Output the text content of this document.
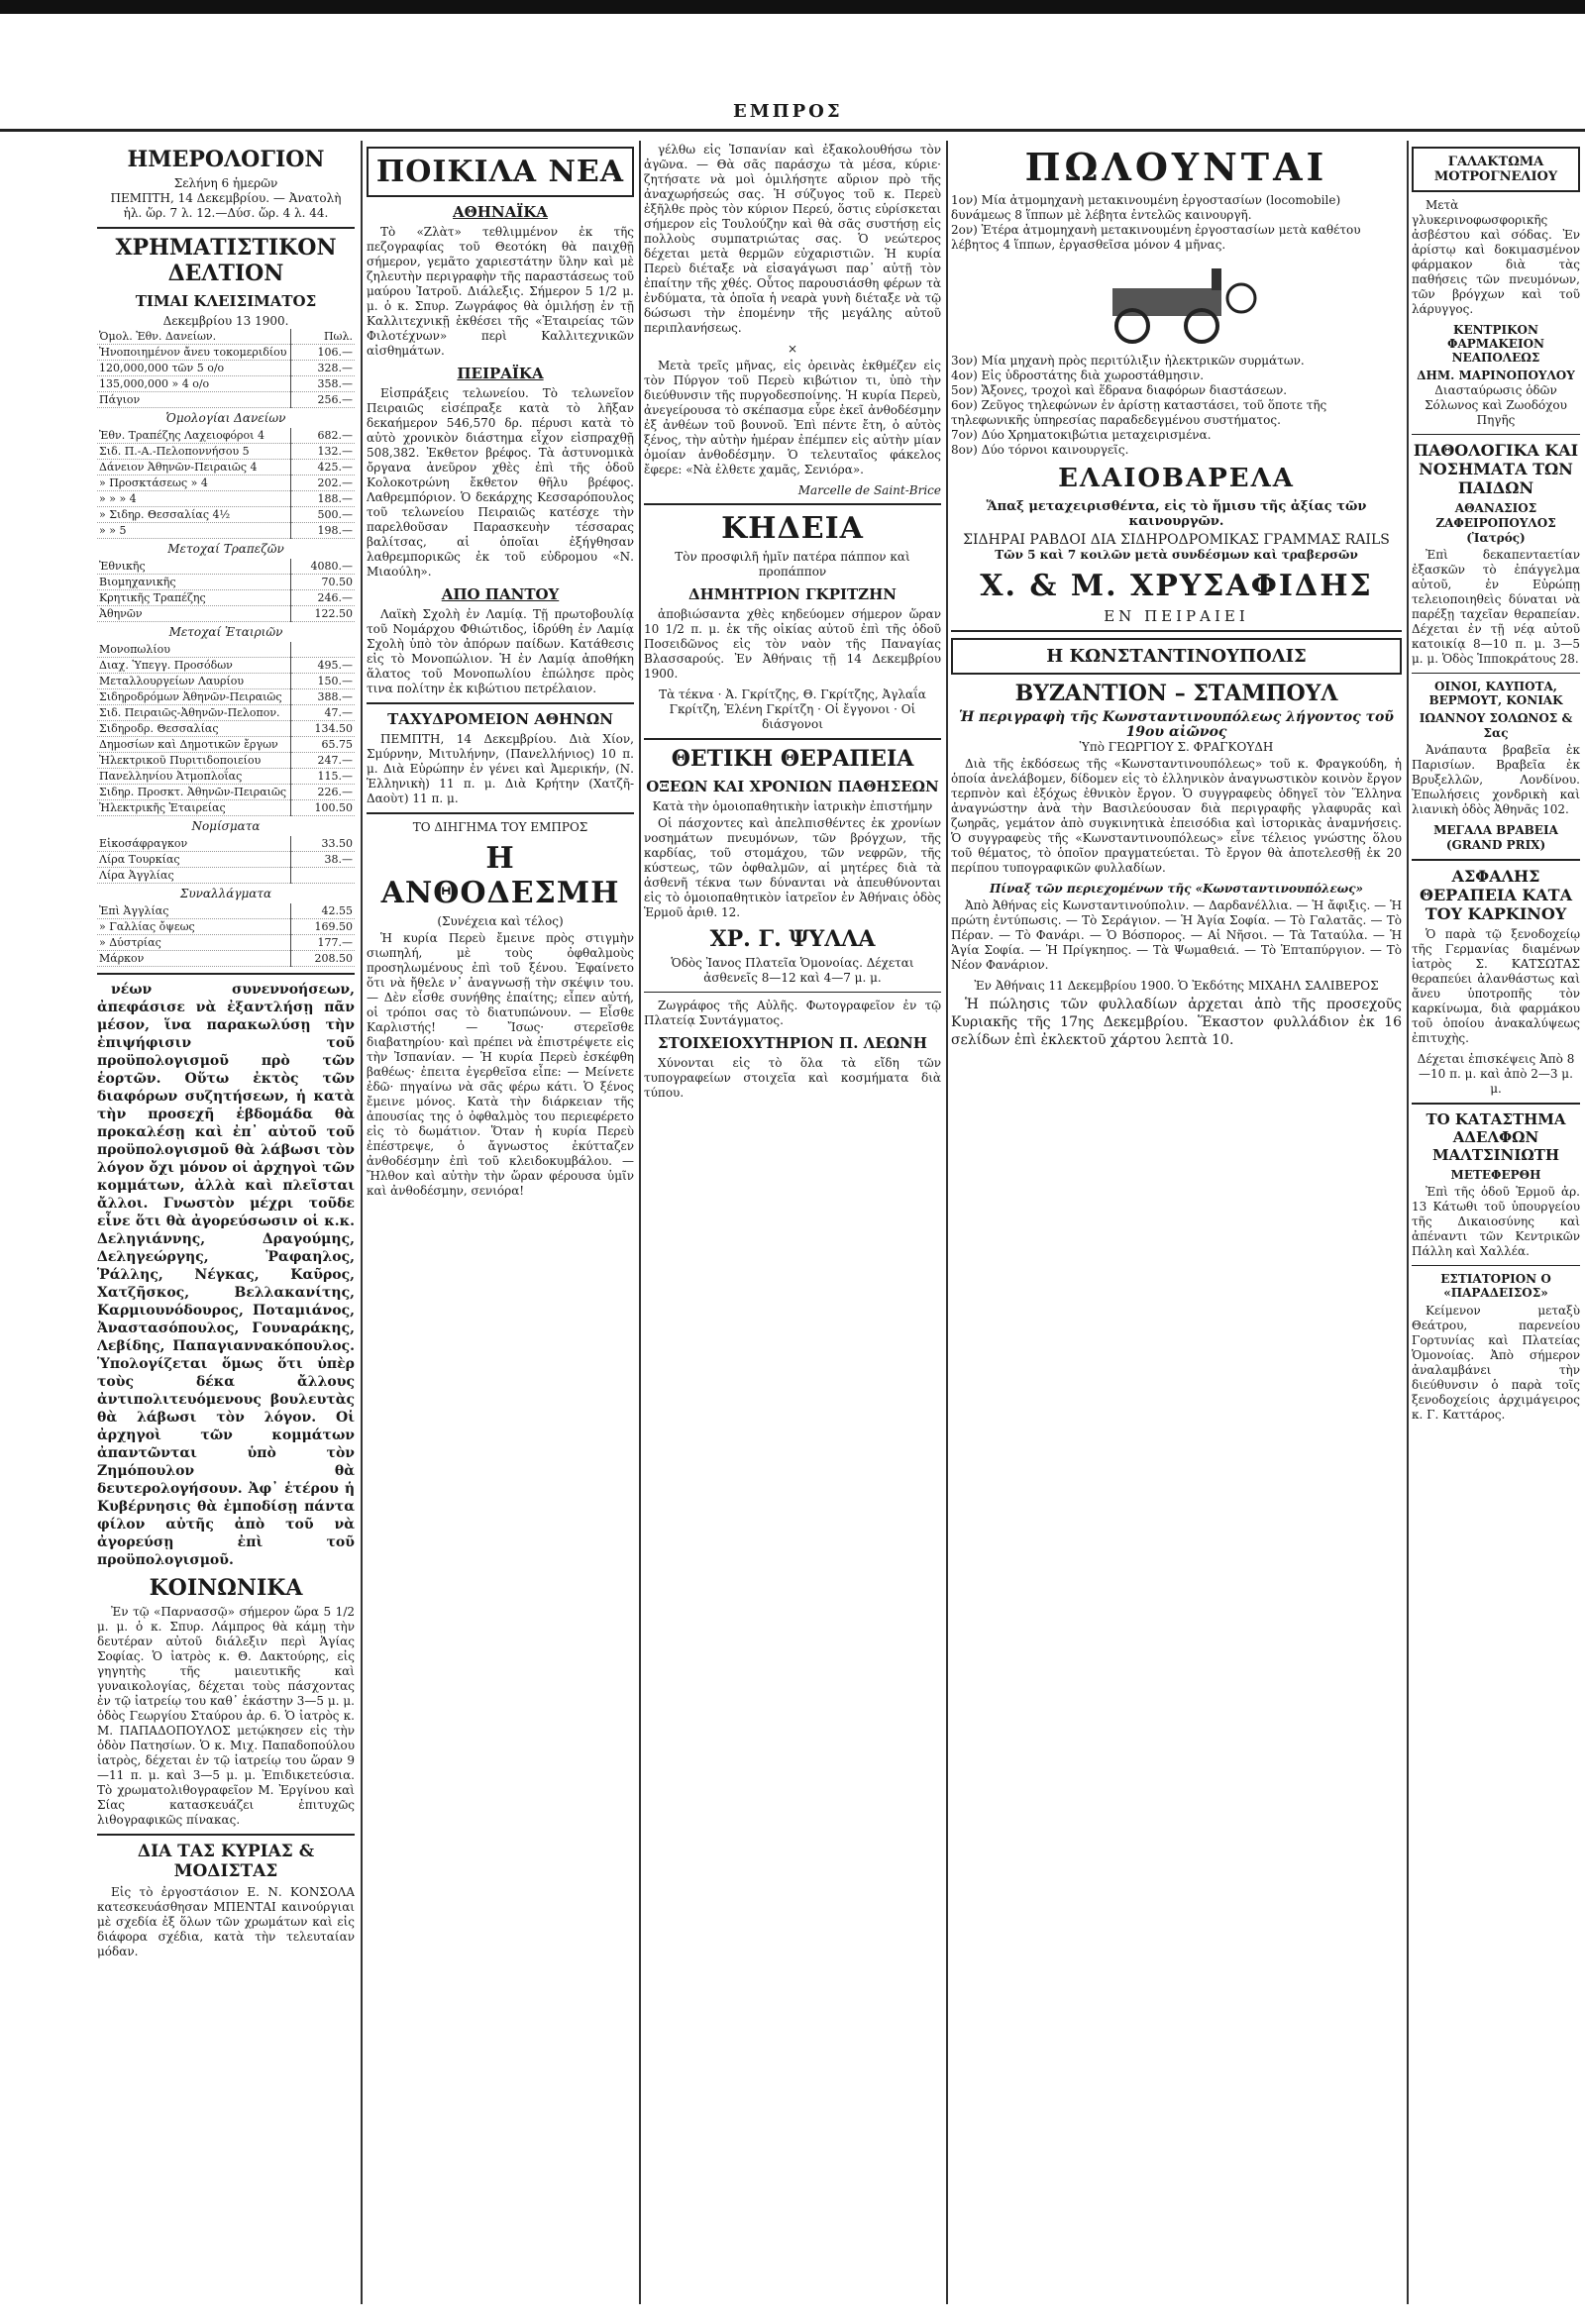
ΕΜΠΡΟΣ
ΗΜΕΡΟΛΟΓΙΟΝ
Σελήνη 6 ἡμερῶν
ΠΕΜΠΤΗ, 14 Δεκεμβρίου. — Ἀνατολὴ
ἡλ. ὥρ. 7 λ. 12.—Δύσ. ὥρ. 4 λ. 44.
ΧΡΗΜΑΤΙΣΤΙΚΟΝ ΔΕΛΤΙΟΝ
ΤΙΜΑΙ ΚΛΕΙΣΙΜΑΤΟΣ
Δεκεμβρίου 13 1900.
Ὁμολ. Ἐθν. Δανείων.	Πωλ.
Ἠνοποιημένον ἄνευ τοκομεριδίου	106.—
120,000,000 τῶν 5 ο/ο	328.—
135,000,000 » 4 ο/ο	358.—
Πάγιον	256.—
Ὁμολογίαι Δανείων
Ἐθν. Τραπέζης Λαχειοφόροι 4	682.—
Σιδ. Π.-Α.-Πελοποννήσου 5	132.—
Δάνειον Ἀθηνῶν-Πειραιῶς 4	425.—
» Προσκτάσεως » 4	202.—
» » » 4	188.—
» Σιδηρ. Θεσσαλίας 4½	500.—
» » 5	198.—
Μετοχαί Τραπεζῶν
Ἐθνικῆς	4080.—
Βιομηχανικῆς	70.50
Κρητικῆς Τραπέζης	246.—
Ἀθηνῶν	122.50
Μετοχαί Ἑταιριῶν
Μονοπωλίου	
Διαχ. Ὑπεγγ. Προσόδων	495.—
Μεταλλουργείων Λαυρίου	150.—
Σιδηροδρόμων Ἀθηνῶν-Πειραιῶς	388.—
Σιδ. Πειραιῶς-Ἀθηνῶν-Πελοπον.	47.—
Σιδηροδρ. Θεσσαλίας	134.50
Δημοσίων καὶ Δημοτικῶν ἔργων	65.75
Ἠλεκτρικοῦ Πυριτιδοποιείου	247.—
Πανελληνίου Ἀτμοπλοΐας	115.—
Σιδηρ. Προσκτ. Ἀθηνῶν-Πειραιῶς	226.—
Ἠλεκτρικῆς Ἑταιρείας	100.50
Νομίσματα
Εἰκοσάφραγκον	33.50
Λίρα Τουρκίας	38.—
Λίρα Ἀγγλίας	
Συναλλάγματα
Ἐπὶ Ἀγγλίας	42.55
» Γαλλίας ὄψεως	169.50
» Δύστρίας	177.—
Μάρκον	208.50

νέων συνεννοήσεων, ἀπεφάσισε νὰ ἐξαντλήσῃ πᾶν μέσον, ἵνα παρακωλύσῃ τὴν ἐπιψήφισιν τοῦ προϋπολογισμοῦ πρὸ τῶν ἑορτῶν. Οὕτω ἐκτὸς τῶν διαφόρων συζητήσεων, ἡ κατὰ τὴν προσεχῆ ἑβδομάδα θὰ προκαλέσῃ καὶ ἐπ᾿ αὐτοῦ τοῦ προϋπολογισμοῦ θὰ λάβωσι τὸν λόγον ὄχι μόνον οἱ ἀρχηγοὶ τῶν κομμάτων, ἀλλὰ καὶ πλεῖσται ἄλλοι. Γνωστὸν μέχρι τοῦδε εἶνε ὅτι θὰ ἀγορεύσωσιν οἱ κ.κ. Δεληγιάννης, Δραγούμης, Δεληγεώργης, Ῥαφαηλος, Ῥάλλης, Νέγκας, Καῦρος, Χατζῆσκος, Βελλακανίτης, Καρμιουνόδουρος, Ποταμιάνος, Ἀναστασόπουλος, Γουναράκης, Λεβίδης, Παπαγιαννακόπουλος. Ὑπολογίζεται ὅμως ὅτι ὑπὲρ τοὺς δέκα ἄλλους ἀντιπολιτευόμενους βουλευτὰς θὰ λάβωσι τὸν λόγον. Οἱ ἀρχηγοὶ τῶν κομμάτων ἀπαντῶνται ὑπὸ τὸν Ζημόπουλον θὰ δευτερολογήσουν. Ἀφ᾿ ἑτέρου ἡ Κυβέρνησις θὰ ἐμποδίσῃ πάντα φίλον αὐτῆς ἀπὸ τοῦ νὰ ἀγορεύσῃ ἐπὶ τοῦ προϋπολογισμοῦ.

ΚΟΙΝΩΝΙΚΑ

Ἐν τῷ «Παρνασσῷ» σήμερον ὥρα 5 1/2 μ. μ. ὁ κ. Σπυρ. Λάμπρος θὰ κάμῃ τὴν δευτέραν αὐτοῦ διάλεξιν περὶ Ἁγίας Σοφίας. Ὁ ἰατρὸς κ. Θ. Δακτούρης, εἰς γηγητὴς τῆς μαιευτικῆς καὶ γυναικολογίας, δέχεται τοὺς πάσχοντας ἐν τῷ ἰατρείῳ του καθ᾿ ἑκάστην 3—5 μ. μ. ὁδὸς Γεωργίου Σταύρου ἀρ. 6. Ὁ ἰατρὸς κ. Μ. ΠΑΠΑΔΟΠΟΥΛΟΣ μετῴκησεν εἰς τὴν ὁδὸν Πατησίων. Ὁ κ. Μιχ. Παπαδοπούλου ἰατρὸς, δέχεται ἐν τῷ ἰατρείῳ του ὥραν 9—11 π. μ. καὶ 3—5 μ. μ. Ἐπιδικετεύσια. Τὸ χρωματολιθογραφεῖον Μ. Ἐργίνου καὶ Σίας κατασκευάζει ἐπιτυχῶς λιθογραφικῶς πίνακας.

ΔΙΑ ΤΑΣ ΚΥΡΙΑΣ & ΜΟΔΙΣΤΑΣ

Εἰς τὸ ἐργοστάσιον Ε. Ν. ΚΟΝΣΟΛΑ κατεσκευάσθησαν ΜΠΕΝΤΑΙ καινούργιαι μὲ σχεδία ἐξ ὅλων τῶν χρωμάτων καὶ εἰς διάφορα σχέδια, κατὰ τὴν τελευταίαν μόδαν.

ΠΟΙΚΙΛΑ ΝΕΑ
ΑΘΗΝΑΪΚΑ

Τὸ «Ζλὰτ» τεθλιμμένον ἐκ τῆς πεζογραφίας τοῦ Θεοτόκη θὰ παιχθῇ σήμερον, γεμᾶτο χαριεστάτην ὕλην καὶ μὲ ζηλευτὴν περιγραφὴν τῆς παραστάσεως τοῦ μαύρου Ἰατροῦ. Διάλεξις. Σήμερον 5 1/2 μ. μ. ὁ κ. Σπυρ. Ζωγράφος θὰ ὁμιλήσῃ ἐν τῇ Καλλιτεχνικῇ ἐκθέσει τῆς «Ἑταιρείας τῶν Φιλοτέχνων» περὶ Καλλιτεχνικῶν αἰσθημάτων.

ΠΕΙΡΑΪΚΑ

Εἰσπράξεις τελωνείου. Τὸ τελωνεῖον Πειραιῶς εἰσέπραξε κατὰ τὸ λῆξαν δεκαήμερον 546,570 δρ. πέρυσι κατὰ τὸ αὐτὸ χρονικὸν διάστημα εἶχον εἰσπραχθῇ 508,382. Ἐκθετον βρέφος. Τὰ ἀστυνομικὰ ὄργανα ἀνεῦρον χθὲς ἐπὶ τῆς ὁδοῦ Κολοκοτρώνη ἔκθετον θῆλυ βρέφος. Λαθρεμπόριον. Ὁ δεκάρχης Κεσσαρόπουλος τοῦ τελωνείου Πειραιῶς κατέσχε τὴν παρελθοῦσαν Παρασκευὴν τέσσαρας βαλίτσας, αἱ ὁποῖαι ἐξήγθησαν λαθρεμπορικῶς ἐκ τοῦ εὐδρομου «Ν. Μιαούλη».

ΑΠΟ ΠΑΝΤΟΥ

Λαϊκὴ Σχολὴ ἐν Λαμίᾳ. Τῇ πρωτοβουλίᾳ τοῦ Νομάρχου Φθιώτιδος, ἱδρύθη ἐν Λαμίᾳ Σχολὴ ὑπὸ τὸν ἀπόρων παίδων. Κατάθεσις εἰς τὸ Μονοπώλιον. Ἡ ἐν Λαμίᾳ ἀποθήκη ἅλατος τοῦ Μονοπωλίου ἐπώλησε πρὸς τινα πολίτην ἐκ κιβώτιου πετρέλαιον.

ΤΑΧΥΔΡΟΜΕΙΟΝ ΑΘΗΝΩΝ

ΠΕΜΠΤΗ, 14 Δεκεμβρίου. Διὰ Χίον, Σμύρνην, Μιτυλήνην, (Πανελλήνιος) 10 π. μ. Διὰ Εὐρώπην ἐν γένει καὶ Ἀμερικήν, (Ν. Ἑλληνικὴ) 11 π. μ. Διὰ Κρήτην (Χατζῆ-Δαοὺτ) 11 π. μ.

ΤΟ ΔΙΗΓΗΜΑ ΤΟΥ ΕΜΠΡΟΣ
Η ΑΝΘΟΔΕΣΜΗ
(Συνέχεια καὶ τέλος)

Ἡ κυρία Περεὺ ἔμεινε πρὸς στιγμὴν σιωπηλή, μὲ τοὺς ὀφθαλμοὺς προσηλωμένους ἐπὶ τοῦ ξένου. Ἐφαίνετο ὅτι νὰ ἤθελε ν᾿ ἀναγνωσῇ τὴν σκέψιν του. — Δὲν εἶσθε συνήθης ἐπαίτης; εἶπεν αὐτή, οἱ τρόποι σας τὸ διατυπώνουν. — Εἶσθε Καρλιστής! — Ἴσως· στερεῖσθε διαβατηρίου· καὶ πρέπει νὰ ἐπιστρέψετε εἰς τὴν Ἰσπανίαν. — Ἡ κυρία Περεὺ ἐσκέφθη βαθέως· ἐπειτα ἐγερθεῖσα εἶπε: — Μείνετε ἐδῶ· πηγαίνω νὰ σᾶς φέρω κάτι. Ὁ ξένος ἔμεινε μόνος. Κατὰ τὴν διάρκειαν τῆς ἀπουσίας της ὁ ὀφθαλμὸς του περιεφέρετο εἰς τὸ δωμάτιον. Ὅταν ἡ κυρία Περεὺ ἐπέστρεψε, ὁ ἄγνωστος ἐκύτταζεν ἀνθοδέσμην ἐπὶ τοῦ κλειδοκυμβάλου. — Ἤλθον καὶ αὐτὴν τὴν ὥραν φέρουσα ὑμῖν καὶ ἀνθοδέσμην, σενιόρα!

γέλθω εἰς Ἰσπανίαν καὶ ἐξακολουθήσω τὸν ἀγῶνα. — Θὰ σᾶς παράσχω τὰ μέσα, κύριε· ζητήσατε νὰ μοὶ ὁμιλήσητε αὔριον πρὸ τῆς ἀναχωρήσεώς σας. Ἡ σύζυγος τοῦ κ. Περεὺ ἐξῆλθε πρὸς τὸν κύριον Περεύ, ὅστις εὑρίσκεται σήμερον εἰς Τουλούζην καὶ θὰ σᾶς συστήσῃ εἰς πολλοὺς συμπατριώτας σας. Ὁ νεώτερος δέχεται μετὰ θερμῶν εὐχαριστιῶν. Ἡ κυρία Περεὺ διέταξε νὰ εἰσαγάγωσι παρ᾿ αὐτῇ τὸν ἐπαίτην τῆς χθές. Οὗτος παρουσιάσθη φέρων τὰ ἐνδύματα, τὰ ὁποῖα ἡ νεαρὰ γυνὴ διέταξε νὰ τῷ δώσωσι τὴν ἐπομένην τῆς μεγάλης αὐτοῦ περιπλανήσεως.

×

Μετὰ τρεῖς μῆνας, εἰς ὀρεινὰς ἐκθμέζεν εἰς τὸν Πύργον τοῦ Περεὺ κιβώτιον τι, ὑπὸ τὴν διεύθυνσιν τῆς πυργοδεσποίνης. Ἡ κυρία Περεὺ, ἀνεγείρουσα τὸ σκέπασμα εὗρε ἐκεῖ ἀνθοδέσμην ἐξ ἀνθέων τοῦ βουνοῦ. Ἐπὶ πέντε ἔτη, ὁ αὐτὸς ξένος, τὴν αὐτὴν ἡμέραν ἐπέμπεν εἰς αὐτὴν μίαν ὁμοίαν ἀνθοδέσμην. Ὁ τελευταῖος φάκελος ἔφερε: «Νὰ ἐλθετε χαμᾶς, Σενιόρα».

Marcelle de Saint-Brice
ΚΗΔΕΙΑ
Τὸν προσφιλῆ ἡμῖν πατέρα πάππον καὶ προπάππον
ΔΗΜΗΤΡΙΟΝ ΓΚΡΙΤΖΗΝ

ἀποβιώσαντα χθὲς κηδεύομεν σήμερον ὥραν 10 1/2 π. μ. ἐκ τῆς οἰκίας αὐτοῦ ἐπὶ τῆς ὁδοῦ Ποσειδῶνος εἰς τὸν ναὸν τῆς Παναγίας Βλασσαρούς. Ἐν Ἀθήναις τῇ 14 Δεκεμβρίου 1900.

Τὰ τέκνα · Ἀ. Γκρίτζης, Θ. Γκρίτζης, Ἀγλαΐα Γκρίτζη, Ἑλένη Γκρίτζη · Οἱ ἔγγονοι · Οἱ διάσγονοι
ΘΕΤΙΚΗ ΘΕΡΑΠΕΙΑ
ΟΞΕΩΝ ΚΑΙ ΧΡΟΝΙΩΝ ΠΑΘΗΣΕΩΝ
Κατὰ τὴν ὁμοιοπαθητικὴν ἰατρικὴν ἐπιστήμην

Οἱ πάσχοντες καὶ ἀπελπισθέντες ἐκ χρονίων νοσημάτων πνευμόνων, τῶν βρόγχων, τῆς καρδίας, τοῦ στομάχου, τῶν νεφρῶν, τῆς κύστεως, τῶν ὀφθαλμῶν, αἱ μητέρες διὰ τὰ ἀσθενῆ τέκνα των δύνανται νὰ ἀπευθύνονται εἰς τὸ ὁμοιοπαθητικὸν ἰατρεῖον ἐν Ἀθήναις ὁδὸς Ἑρμοῦ ἀριθ. 12.

ΧΡ. Γ. ΨΥΛΛΑ
Ὁδὸς Ἰανος Πλατεῖα Ὁμονοίας. Δέχεται ἀσθενεῖς 8—12 καὶ 4—7 μ. μ.

Ζωγράφος τῆς Αὐλῆς. Φωτογραφεῖον ἐν τῷ Πλατείᾳ Συντάγματος.

ΣΤΟΙΧΕΙΟΧΥΤΗΡΙΟΝ Π. ΛΕΩΝΗ

Χύνονται εἰς τὸ ὅλα τὰ εἴδη τῶν τυπογραφείων στοιχεῖα καὶ κοσμήματα διὰ τύπου.

ΠΩΛΟΥΝΤΑΙ

1ον) Μία ἀτμομηχανὴ μετακινουμένη ἐργοστασίων (locomobile) δυνάμεως 8 ἵππων μὲ λέβητα ἐντελῶς καινουργῆ.

2ον) Ἑτέρα ἀτμομηχανὴ μετακινουμένη ἐργοστασίων μετὰ καθέτου λέβητος 4 ἵππων, ἐργασθεῖσα μόνον 4 μῆνας.

3ον) Μία μηχανὴ πρὸς περιτύλιξιν ἠλεκτρικῶν συρμάτων.

4ον) Εἰς ὑδροστάτης διὰ χωροστάθμησιν.

5ον) Ἄξονες, τροχοὶ καὶ ἕδρανα διαφόρων διαστάσεων.

6ον) Ζεῦγος τηλεφώνων ἐν ἀρίστῃ καταστάσει, τοῦ ὅποτε τῆς τηλεφωνικῆς ὑπηρεσίας παραδεδεγμένου συστήματος.

7ον) Δύο Χρηματοκιβώτια μεταχειρισμένα.

8ον) Δύο τόρνοι καινουργεῖς.

ΕΛΑΙΟΒΑΡΕΛΑ
Ἅπαξ μεταχειρισθέντα, εἰς τὸ ἥμισυ τῆς ἀξίας τῶν καινουργῶν.
ΣΙΔΗΡΑΙ ΡΑΒΔΟΙ ΔΙΑ ΣΙΔΗΡΟΔΡΟΜΙΚΑΣ ΓΡΑΜΜΑΣ RAILS
Τῶν 5 καὶ 7 κοιλῶν μετὰ συνδέσμων καὶ τραβερσῶν
Χ. & Μ. ΧΡΥΣΑΦΙΔΗΣ
ΕΝ ΠΕΙΡΑΙΕΙ
Η ΚΩΝΣΤΑΝΤΙΝΟΥΠΟΛΙΣ
ΒΥΖΑΝΤΙΟΝ – ΣΤΑΜΠΟΥΛ
Ἡ περιγραφὴ τῆς Κωνσταντινουπόλεως λήγοντος τοῦ 19ου αἰῶνος
Ὑπὸ ΓΕΩΡΓΙΟΥ Σ. ΦΡΑΓΚΟΥΔΗ

Διὰ τῆς ἐκδόσεως τῆς «Κωνσταντινουπόλεως» τοῦ κ. Φραγκούδη, ἡ ὁποία ἀνελάβομεν, δίδομεν εἰς τὸ ἑλληνικὸν ἀναγνωστικὸν κοινὸν ἔργον τερπνὸν καὶ ἐξόχως ἐθνικὸν ἔργον. Ὁ συγγραφεὺς ὁδηγεῖ τὸν Ἕλληνα ἀναγνώστην ἀνὰ τὴν Βασιλεύουσαν διὰ περιγραφῆς γλαφυρᾶς καὶ ζωηρᾶς, γεμάτον ἀπὸ συγκινητικὰ ἐπεισόδια καὶ ἱστορικὰς ἀναμνήσεις. Ὁ συγγραφεὺς τῆς «Κωνσταντινουπόλεως» εἶνε τέλειος γνώστης ὅλου τοῦ θέματος, τὸ ὁποῖον πραγματεύεται. Τὸ ἔργον θὰ ἀποτελεσθῇ ἐκ 20 περίπου τυπογραφικῶν φυλλαδίων.

Πίναξ τῶν περιεχομένων τῆς «Κωνσταντινουπόλεως»

Ἀπὸ Ἀθήνας εἰς Κωνσταντινούπολιν. — Δαρδανέλλια. — Ἡ ἄφιξις. — Ἡ πρώτη ἐντύπωσις. — Τὸ Σεράγιον. — Ἡ Ἁγία Σοφία. — Τὸ Γαλατᾶς. — Τὸ Πέραν. — Τὸ Φανάρι. — Ὁ Βόσπορος. — Αἱ Νῆσοι. — Τὰ Ταταύλα. — Ἡ Ἁγία Σοφία. — Ἡ Πρίγκηπος. — Τὰ Ψωμαθειά. — Τὸ Ἑπταπύργιον. — Τὸ Νέον Φανάριον.

Ἐν Ἀθήναις 11 Δεκεμβρίου 1900. Ὁ Ἐκδότης ΜΙΧΑΗΛ ΣΑΛΙΒΕΡΟΣ

Ἡ πώλησις τῶν φυλλαδίων ἀρχεται ἀπὸ τῆς προσεχοῦς Κυριακῆς τῆς 17ης Δεκεμβρίου. Ἕκαστον φυλλάδιον ἐκ 16 σελίδων ἐπὶ ἐκλεκτοῦ χάρτου λεπτὰ 10.

ΓΑΛΑΚΤΩΜΑ ΜΟΤΡΟΓΝΕΛΙΟΥ

Μετὰ γλυκερινοφωσφορικῆς ἀσβέστου καὶ σόδας. Ἐν ἀρίστῳ καὶ δοκιμασμένον φάρμακον διὰ τὰς παθήσεις τῶν πνευμόνων, τῶν βρόγχων καὶ τοῦ λάρυγγος.

ΚΕΝΤΡΙΚΟΝ ΦΑΡΜΑΚΕΙΟΝ ΝΕΑΠΟΛΕΩΣ
ΔΗΜ. ΜΑΡΙΝΟΠΟΥΛΟΥ
Διασταύρωσις ὁδῶν Σόλωνος καὶ Ζωοδόχου Πηγῆς
ΠΑΘΟΛΟΓΙΚΑ ΚΑΙ ΝΟΣΗΜΑΤΑ ΤΩΝ ΠΑΙΔΩΝ
ΑΘΑΝΑΣΙΟΣ ΖΑΦΕΙΡΟΠΟΥΛΟΣ (Ἰατρός)

Ἐπὶ δεκαπενταετίαν ἐξασκῶν τὸ ἐπάγγελμα αὐτοῦ, ἐν Εὐρώπῃ τελειοποιηθεὶς δύναται νὰ παρέξῃ ταχεῖαν θεραπείαν. Δέχεται ἐν τῇ νέᾳ αὐτοῦ κατοικίᾳ 8—10 π. μ. 3—5 μ. μ. Ὁδὸς Ἱπποκράτους 28.

ΟΙΝΟΙ, ΚΑΥΠΟΤΑ, ΒΕΡΜΟΥΤ, ΚΟΝΙΑΚ
ΙΩΑΝΝΟΥ ΣΟΛΩΝΟΣ & Σας

Ἀνάπαυτα βραβεῖα ἐκ Παρισίων. Βραβεῖα ἐκ Βρυξελλῶν, Λονδίνου. Ἐπωλήσεις χονδρικὴ καὶ λιανικὴ ὁδὸς Ἀθηνᾶς 102.

ΜΕΓΑΛΑ ΒΡΑΒΕΙΑ (GRAND PRIX)
ΑΣΦΑΛΗΣ ΘΕΡΑΠΕΙΑ ΚΑΤΑ ΤΟΥ ΚΑΡΚΙΝΟΥ

Ὁ παρὰ τῷ ξενοδοχείῳ τῆς Γερμανίας διαμένων ἰατρὸς Σ. ΚΑΤΣΩΤΑΣ θεραπεύει ἀλανθάστως καὶ ἄνευ ὑποτροπῆς τὸν καρκίνωμα, διὰ φαρμάκου τοῦ ὁποίου ἀνακαλύψεως ἐπιτυχὴς.

Δέχεται ἐπισκέψεις Ἀπὸ 8—10 π. μ. καὶ ἀπὸ 2—3 μ. μ.
ΤΟ ΚΑΤΑΣΤΗΜΑ ΑΔΕΛΦΩΝ ΜΑΛΤΣΙΝΙΩΤΗ
ΜΕΤΕΦΕΡΘΗ

Ἐπὶ τῆς ὁδοῦ Ἑρμοῦ ἀρ. 13 Κάτωθι τοῦ ὑπουργείου τῆς Δικαιοσύνης καὶ ἀπέναντι τῶν Κεντρικῶν Πάλλη καὶ Χαλλέα.

ΕΣΤΙΑΤΟΡΙΟΝ Ο «ΠΑΡΑΔΕΙΣΟΣ»

Κείμενον μεταξὺ Θεάτρου, παρενείου Γορτυνίας καὶ Πλατείας Ὁμονοίας. Ἀπὸ σήμερον ἀναλαμβάνει τὴν διεύθυνσιν ὁ παρὰ τοῖς ξενοδοχείοις ἀρχιμάγειρος κ. Γ. Καττάρος.
